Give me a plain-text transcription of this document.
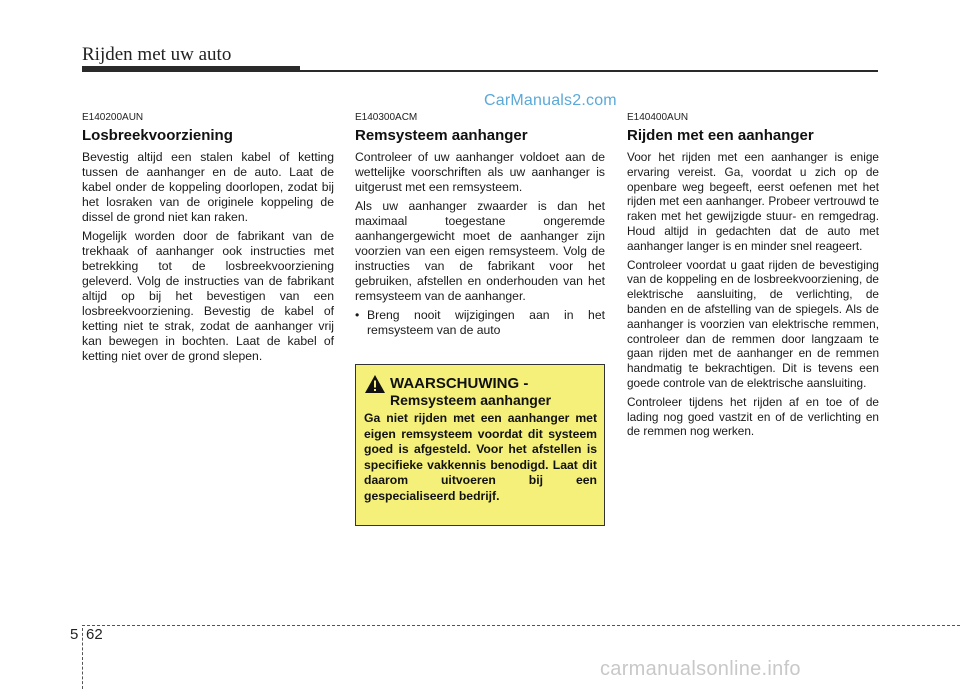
Rijden met uw auto
CarManuals2.com
E140200AUN
Losbreekvoorziening

Bevestig altijd een stalen kabel of ketting tussen de aanhanger en de auto. Laat de kabel onder de koppeling doorlopen, zodat bij het losraken van de originele koppeling de dissel de grond niet kan raken.

Mogelijk worden door de fabrikant van de trekhaak of aanhanger ook instructies met betrekking tot de losbreekvoorziening geleverd. Volg de instructies van de fabrikant altijd op bij het bevestigen van een losbreekvoorziening. Bevestig de kabel of ketting niet te strak, zodat de aanhanger vrij kan bewegen in bochten. Laat de kabel of ketting niet over de grond slepen.

E140300ACM
Remsysteem aanhanger

Controleer of uw aanhanger voldoet aan de wettelijke voorschriften als uw aanhanger is uitgerust met een remsysteem.

Als uw aanhanger zwaarder is dan het maximaal toegestane ongeremde aanhangergewicht moet de aanhanger zijn voorzien van een eigen remsysteem. Volg de instructies van de fabrikant voor het gebruiken, afstellen en onderhouden van het remsysteem van de aanhanger.

• Breng nooit wijzigingen aan in het remsysteem van de auto
WAARSCHUWING -
Remsysteem aanhanger
Ga niet rijden met een aanhanger met eigen remsysteem voordat dit systeem goed is afgesteld. Voor het afstellen is specifieke vakkennis benodigd. Laat dit daarom uitvoeren bij een gespecialiseerd bedrijf.
E140400AUN
Rijden met een aanhanger

Voor het rijden met een aanhanger is enige ervaring vereist. Ga, voordat u zich op de openbare weg begeeft, eerst oefenen met het rijden met een aanhanger. Probeer vertrouwd te raken met het gewijzigde stuur- en remgedrag. Houd altijd in gedachten dat de auto met aanhanger langer is en minder snel reageert.

Controleer voordat u gaat rijden de bevestiging van de koppeling en de losbreekvoorziening, de elektrische aansluiting, de verlichting, de banden en de afstelling van de spiegels. Als de aanhanger is voorzien van elektrische remmen, controleer dan de remmen door langzaam te gaan rijden met de aanhanger en de remmen handmatig te bekrachtigen. Dit is tevens een goede controle van de elektrische aansluiting.

Controleer tijdens het rijden af en toe of de lading nog goed vastzit en of de verlichting en de remmen nog werken.

5 62
carmanualsonline.info
